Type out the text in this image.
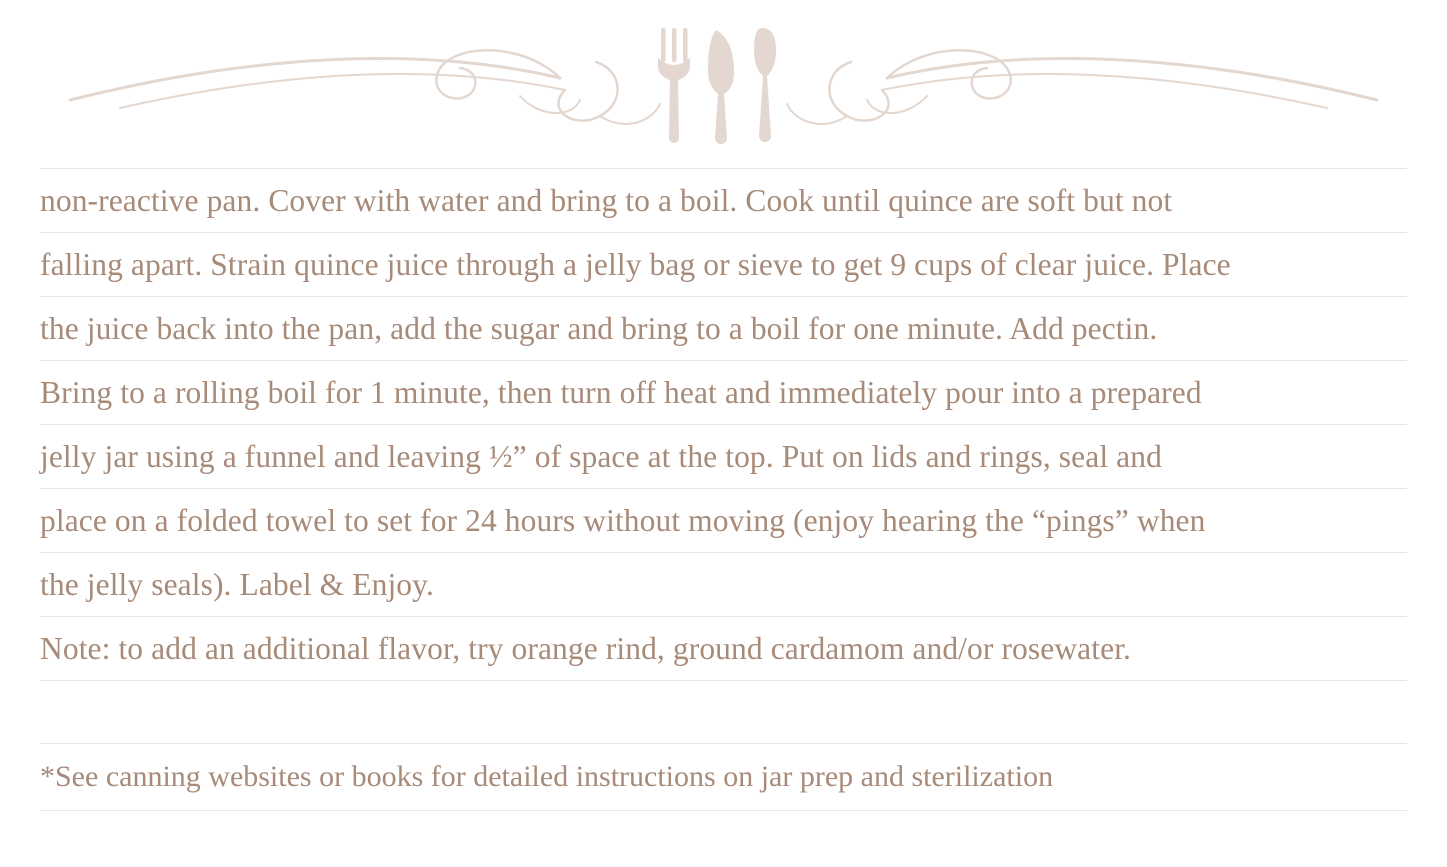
non-reactive pan. Cover with water and bring to a boil. Cook until quince are soft but not
falling apart. Strain quince juice through a jelly bag or sieve to get 9 cups of clear juice. Place
the juice back into the pan, add the sugar and bring to a boil for one minute. Add pectin.
Bring to a rolling boil for 1 minute, then turn off heat and immediately pour into a prepared
jelly jar using a funnel and leaving ½” of space at the top. Put on lids and rings, seal and
place on a folded towel to set for 24 hours without moving (enjoy hearing the “pings” when
the jelly seals). Label & Enjoy.
Note: to add an additional flavor, try orange rind, ground cardamom and/or rosewater.
*See canning websites or books for detailed instructions on jar prep and sterilization
